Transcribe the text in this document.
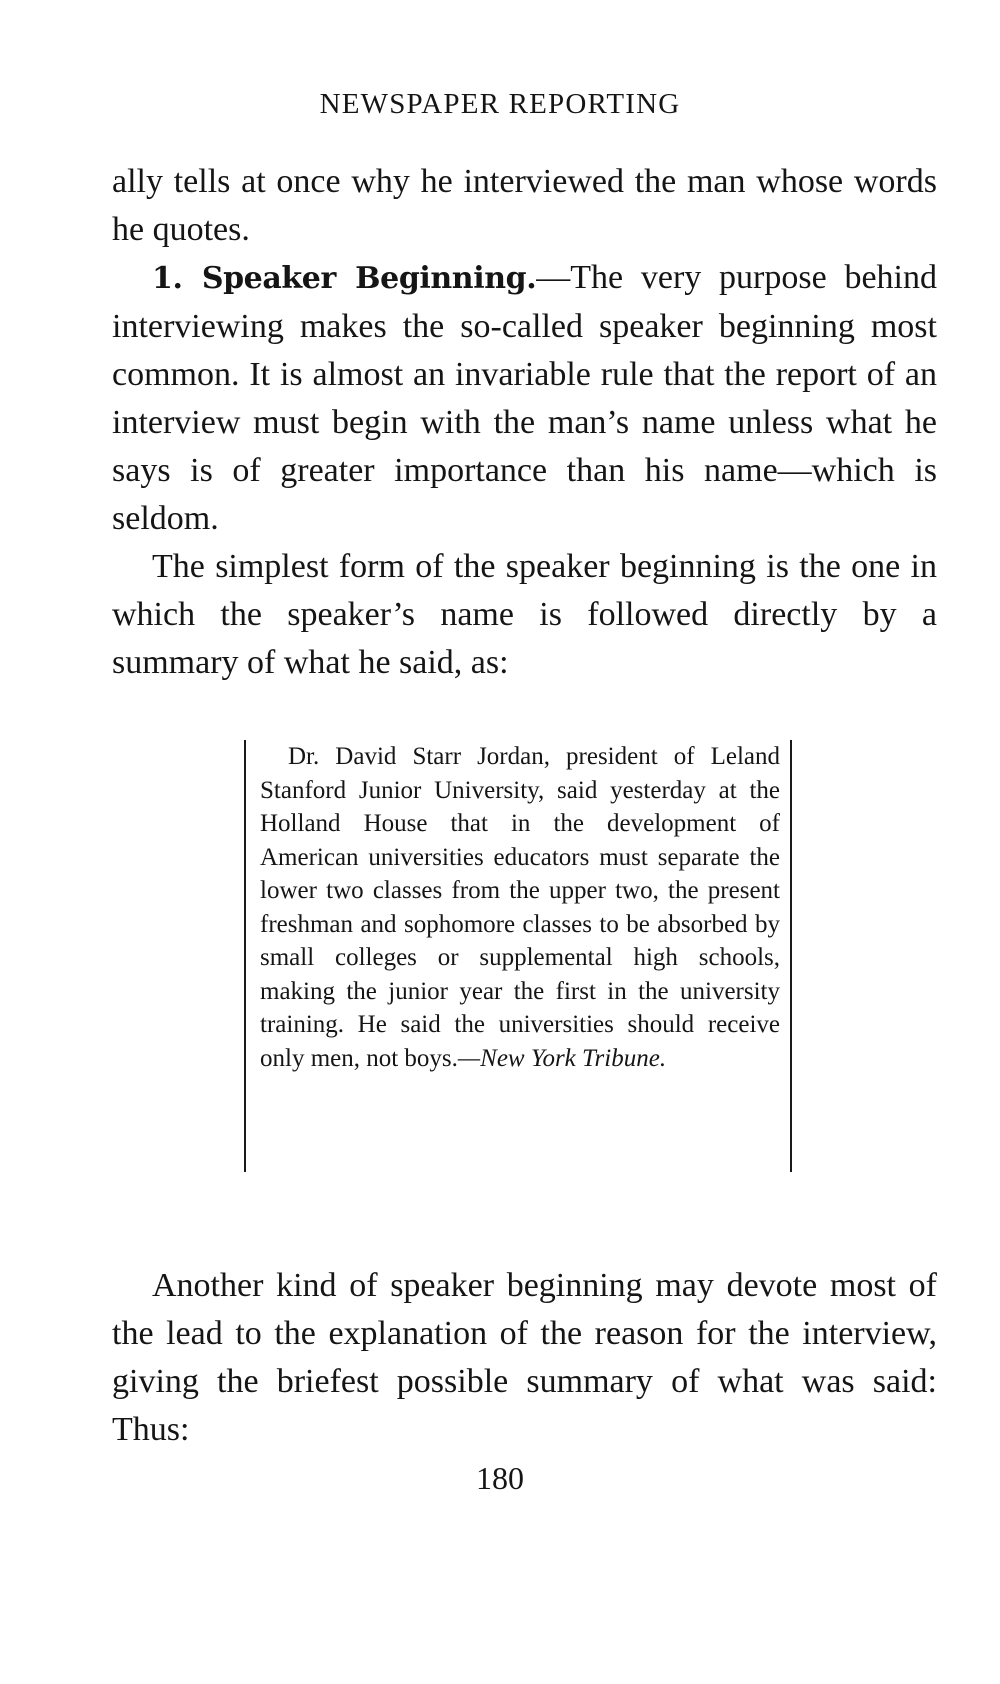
NEWSPAPER REPORTING

ally tells at once why he interviewed the man whose words he quotes.

1. Speaker Beginning.—The very purpose behind interviewing makes the so-called speaker beginning most common. It is almost an invariable rule that the report of an interview must begin with the man’s name unless what he says is of greater importance than his name—which is seldom.

The simplest form of the speaker beginning is the one in which the speaker’s name is followed directly by a summary of what he said, as:

Dr. David Starr Jordan, president of Leland Stanford Junior University, said yesterday at the Holland House that in the development of American universities educators must separate the lower two classes from the upper two, the present freshman and sophomore classes to be absorbed by small colleges or supplemental high schools, making the junior year the first in the university training. He said the universities should receive only men, not boys.—New York Tribune.

Another kind of speaker beginning may devote most of the lead to the explanation of the reason for the interview, giving the briefest possible summary of what was said: Thus:

180
